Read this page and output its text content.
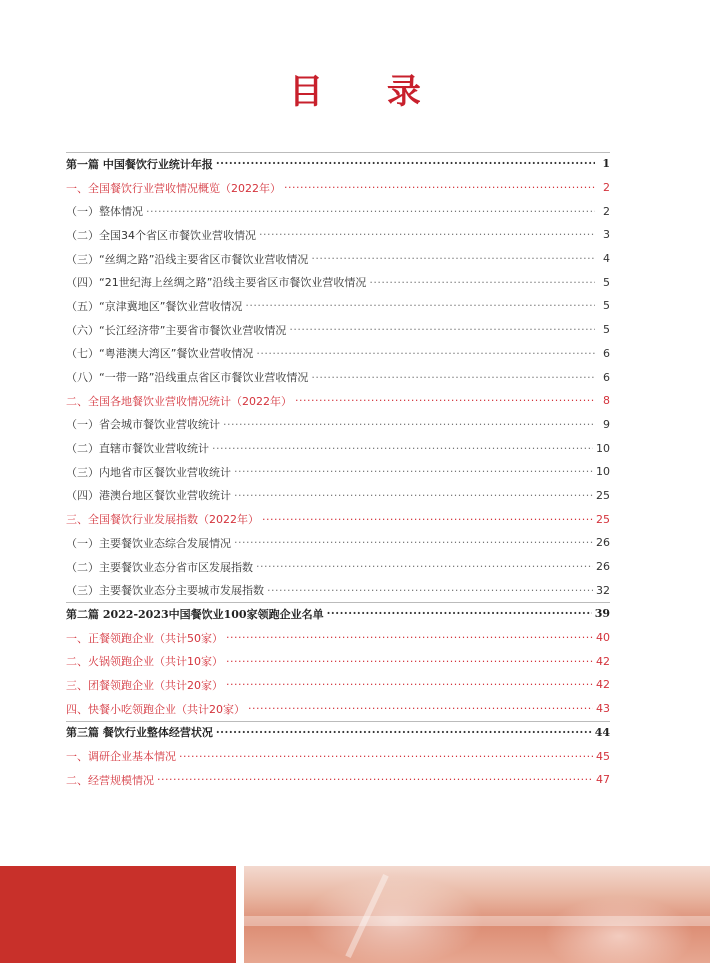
目 录
第一篇 中国餐饮行业统计年报 ·····	1
一、全国餐饮行业营收情况概览（2022年） ·····	2
（一）整体情况 ·····	2
（二）全国34个省区市餐饮业营收情况 ·····	3
（三）“丝绸之路”沿线主要省区市餐饮业营收情况 ·····	4
（四）“21世纪海上丝绸之路”沿线主要省区市餐饮业营收情况 ·····	5
（五）“京津冀地区”餐饮业营收情况 ·····	5
（六）“长江经济带”主要省市餐饮业营收情况 ·····	5
（七）“粤港澳大湾区”餐饮业营收情况 ·····	6
（八）“一带一路”沿线重点省区市餐饮业营收情况 ·····	6
二、全国各地餐饮业营收情况统计（2022年） ·····	8
（一）省会城市餐饮业营收统计 ·····	9
（二）直辖市餐饮业营收统计 ·····	10
（三）内地省市区餐饮业营收统计 ·····	10
（四）港澳台地区餐饮业营收统计 ·····	25
三、全国餐饮行业发展指数（2022年） ·····	25
（一）主要餐饮业态综合发展情况 ·····	26
（二）主要餐饮业态分省市区发展指数 ·····	26
（三）主要餐饮业态分主要城市发展指数 ·····	32
第二篇 2022-2023中国餐饮业100家领跑企业名单 ·····	39
一、正餐领跑企业（共计50家） ·····	40
二、火锅领跑企业（共计10家） ·····	42
三、团餐领跑企业（共计20家） ·····	42
四、快餐小吃领跑企业（共计20家） ·····	43
第三篇 餐饮行业整体经营状况 ·····	44
一、调研企业基本情况 ·····	45
二、经营规模情况 ·····	47
